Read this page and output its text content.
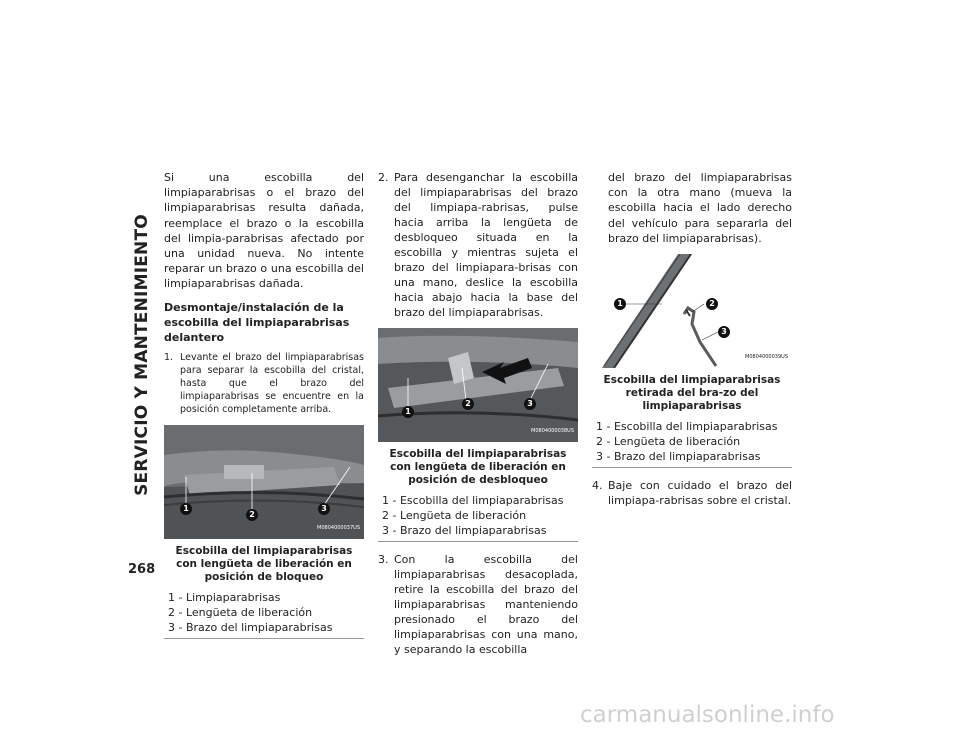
SERVICIO Y MANTENIMIENTO
268

Si una escobilla del limpiaparabrisas o el brazo del limpiaparabrisas resulta dañada, reemplace el brazo o la escobilla del limpia-parabrisas afectado por una unidad nueva. No intente reparar un brazo o una escobilla del limpiaparabrisas dañada.

Desmontaje/instalación de la escobilla del limpiaparabrisas delantero
1. Levante el brazo del limpiaparabrisas para separar la escobilla del cristal, hasta que el brazo del limpiaparabrisas se encuentre en la posición completamente arriba.
1
2
3
M0804000037US
Escobilla del limpiaparabrisas con lengüeta de liberación en posición de bloqueo
1 - Limpiaparabrisas
2 - Lengüeta de liberación
3 - Brazo del limpiaparabrisas
2. Para desenganchar la escobilla del limpiaparabrisas del brazo del limpiapa-rabrisas, pulse hacia arriba la lengüeta de desbloqueo situada en la escobilla y mientras sujeta el brazo del limpiapara-brisas con una mano, deslice la escobilla hacia abajo hacia la base del brazo del limpiaparabrisas.
1
2	3
M0804000038US
Escobilla del limpiaparabrisas con lengüeta de liberación en posición de desbloqueo
1 - Escobilla del limpiaparabrisas
2 - Lengüeta de liberación
3 - Brazo del limpiaparabrisas
3. Con la escobilla del limpiaparabrisas desacoplada, retire la escobilla del brazo del limpiaparabrisas manteniendo presionado el brazo del limpiaparabrisas con una mano, y separando la escobilla

del brazo del limpiaparabrisas con la otra mano (mueva la escobilla hacia el lado derecho del vehículo para separarla del brazo del limpiaparabrisas).

1	2
3
M0804000039US
Escobilla del limpiaparabrisas retirada del bra-zo del limpiaparabrisas
1 - Escobilla del limpiaparabrisas
2 - Lengüeta de liberación
3 - Brazo del limpiaparabrisas
4. Baje con cuidado el brazo del limpiapa-rabrisas sobre el cristal.
carmanualsonline.info
